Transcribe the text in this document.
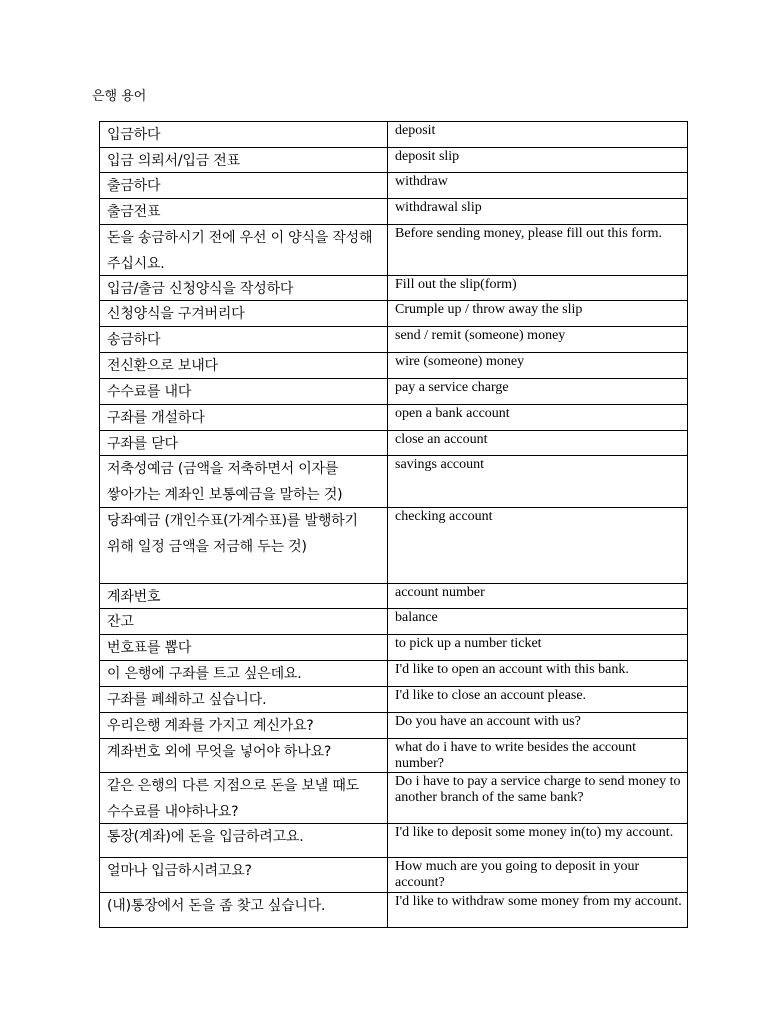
은행 용어
입금하다	deposit

입금 의뢰서/입금 전표	deposit slip

출금하다	withdraw

출금전표	withdrawal slip

돈을 송금하시기 전에 우선 이 양식을 작성해 주십시요.	Before sending money, please fill out this form.

입금/출금 신청양식을 작성하다	Fill out the slip(form)

신청양식을 구겨버리다	Crumple up / throw away the slip

송금하다	send / remit (someone) money

전신환으로 보내다	wire (someone) money

수수료를 내다	pay a service charge

구좌를 개설하다	open a bank account

구좌를 닫다	close an account

저축성예금 (금액을 저축하면서 이자를 쌓아가는 계좌인 보통예금을 말하는 것)	savings account

당좌예금 (개인수표(가계수표)를 발행하기 위해 일정 금액을 저금해 두는 것)	checking account

계좌번호	account number

잔고	balance

번호표를 뽑다	to pick up a number ticket

이 은행에 구좌를 트고 싶은데요.	I'd like to open an account with this bank.

구좌를 폐쇄하고 싶습니다.	I'd like to close an account please.

우리은행 계좌를 가지고 계신가요?	Do you have an account with us?

계좌번호 외에 무엇을 넣어야 하나요?	what do i have to write besides the account number?

같은 은행의 다른 지점으로 돈을 보낼 때도 수수료를 내야하나요?	Do i have to pay a service charge to send money to another branch of the same bank?

통장(계좌)에 돈을 입금하려고요.	I'd like to deposit some money in(to) my account.

얼마나 입금하시려고요?	How much are you going to deposit in your account?

(내)통장에서 돈을 좀 찾고 싶습니다.	I'd like to withdraw some money from my account.
